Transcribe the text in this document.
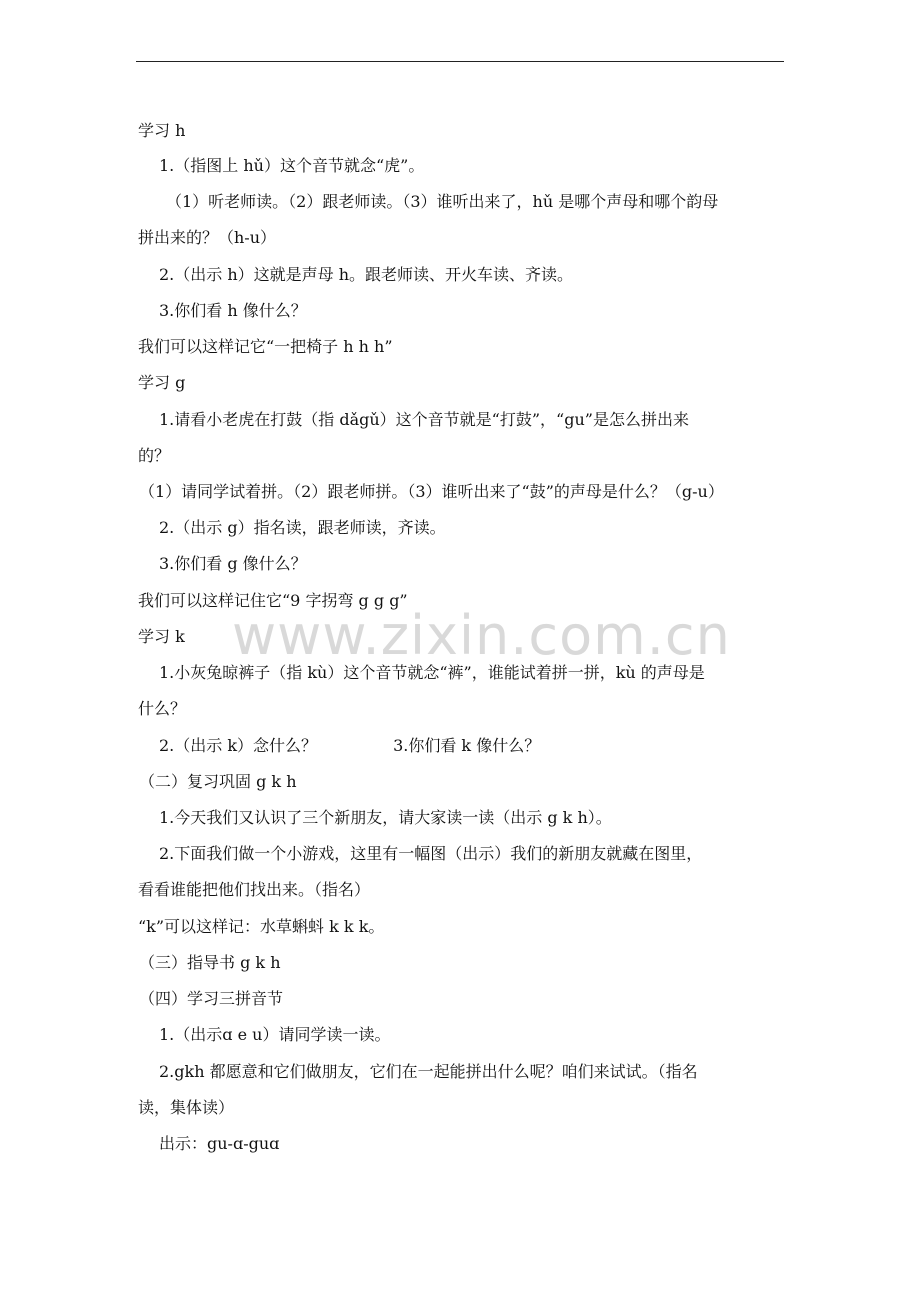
www.zixin.com.cn
学习 h
1.（指图上 hǔ）这个音节就念“虎”。
（1）听老师读。（2）跟老师读。（3）谁听出来了，hǔ 是哪个声母和哪个韵母
拼出来的？（h-u）
2.（出示 h）这就是声母 h。跟老师读、开火车读、齐读。
3.你们看 h 像什么？
我们可以这样记它“一把椅子 h h h”
学习 g
1.请看小老虎在打鼓（指 dǎgǔ）这个音节就是“打鼓”，“gu”是怎么拼出来
的？
（1）请同学试着拼。（2）跟老师拼。（3）谁听出来了“鼓”的声母是什么？（g-u）
2.（出示 g）指名读，跟老师读，齐读。
3.你们看 g 像什么？
我们可以这样记住它“9 字拐弯 g g g”
学习 k
1.小灰兔晾裤子（指 kù）这个音节就念“裤”，谁能试着拼一拼，kù 的声母是
什么？
2.（出示 k）念什么？	3.你们看 k 像什么？
（二）复习巩固 g k h
1.今天我们又认识了三个新朋友，请大家读一读（出示 g k h）。
2.下面我们做一个小游戏，这里有一幅图（出示）我们的新朋友就藏在图里，
看看谁能把他们找出来。（指名）
“k”可以这样记：水草蝌蚪 k k k。
（三）指导书 g k h
（四）学习三拼音节
1.（出示ɑ e u）请同学读一读。
2.gkh 都愿意和它们做朋友，它们在一起能拼出什么呢？咱们来试试。（指名
读，集体读）
出示：gu-ɑ-guɑ
